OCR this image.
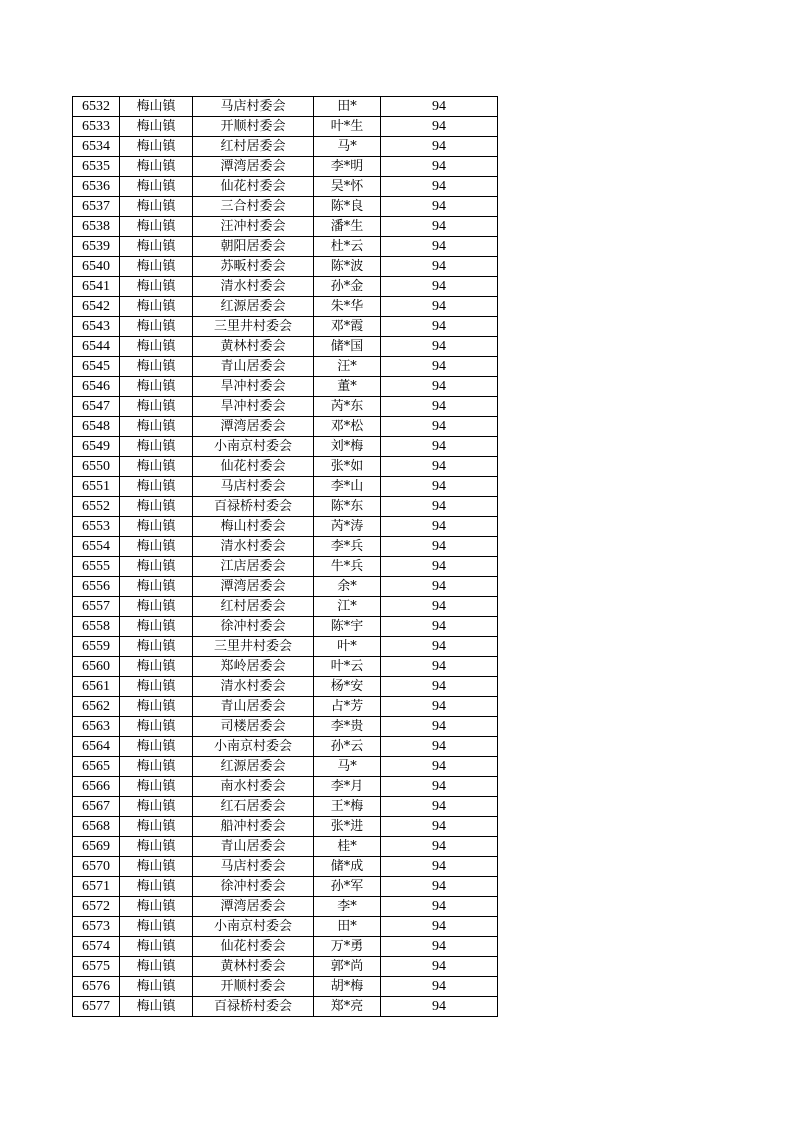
6532	梅山镇	马店村委会	田*	94
6533	梅山镇	开顺村委会	叶*生	94
6534	梅山镇	红村居委会	马*	94
6535	梅山镇	潭湾居委会	李*明	94
6536	梅山镇	仙花村委会	吴*怀	94
6537	梅山镇	三合村委会	陈*良	94
6538	梅山镇	汪冲村委会	潘*生	94
6539	梅山镇	朝阳居委会	杜*云	94
6540	梅山镇	苏畈村委会	陈*波	94
6541	梅山镇	清水村委会	孙*金	94
6542	梅山镇	红源居委会	朱*华	94
6543	梅山镇	三里井村委会	邓*霞	94
6544	梅山镇	黄林村委会	储*国	94
6545	梅山镇	青山居委会	汪*	94
6546	梅山镇	旱冲村委会	董*	94
6547	梅山镇	旱冲村委会	芮*东	94
6548	梅山镇	潭湾居委会	邓*松	94
6549	梅山镇	小南京村委会	刘*梅	94
6550	梅山镇	仙花村委会	张*如	94
6551	梅山镇	马店村委会	李*山	94
6552	梅山镇	百禄桥村委会	陈*东	94
6553	梅山镇	梅山村委会	芮*涛	94
6554	梅山镇	清水村委会	李*兵	94
6555	梅山镇	江店居委会	牛*兵	94
6556	梅山镇	潭湾居委会	余*	94
6557	梅山镇	红村居委会	江*	94
6558	梅山镇	徐冲村委会	陈*宇	94
6559	梅山镇	三里井村委会	叶*	94
6560	梅山镇	郑岭居委会	叶*云	94
6561	梅山镇	清水村委会	杨*安	94
6562	梅山镇	青山居委会	占*芳	94
6563	梅山镇	司楼居委会	李*贵	94
6564	梅山镇	小南京村委会	孙*云	94
6565	梅山镇	红源居委会	马*	94
6566	梅山镇	南水村委会	李*月	94
6567	梅山镇	红石居委会	王*梅	94
6568	梅山镇	船冲村委会	张*进	94
6569	梅山镇	青山居委会	桂*	94
6570	梅山镇	马店村委会	储*成	94
6571	梅山镇	徐冲村委会	孙*军	94
6572	梅山镇	潭湾居委会	李*	94
6573	梅山镇	小南京村委会	田*	94
6574	梅山镇	仙花村委会	万*勇	94
6575	梅山镇	黄林村委会	郭*尚	94
6576	梅山镇	开顺村委会	胡*梅	94
6577	梅山镇	百禄桥村委会	郑*亮	94
